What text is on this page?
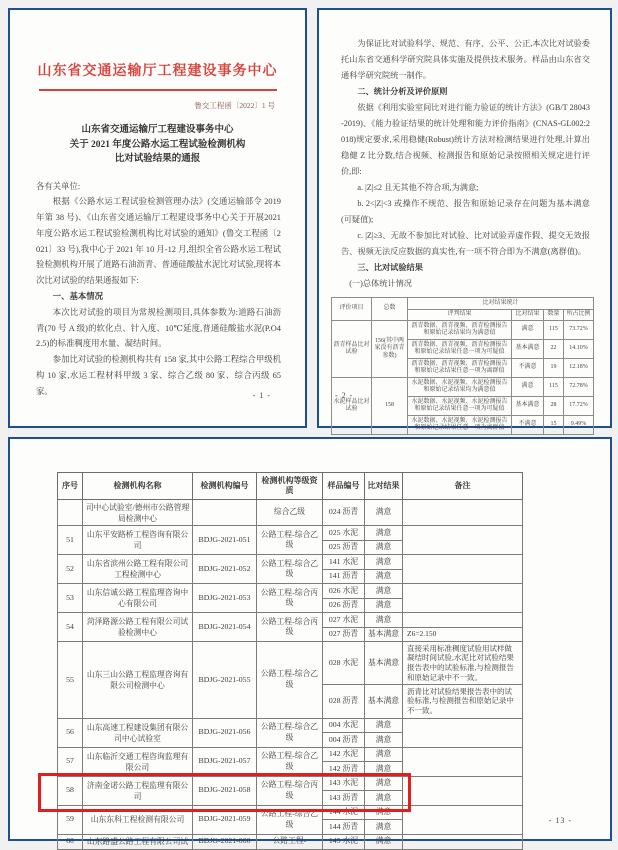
山东省交通运输厅工程建设事务中心
鲁交工程函〔2022〕1 号
山东省交通运输厅工程建设事务中心
关于 2021 年度公路水运工程试验检测机构
比对试验结果的通报
各有关单位:
根据《公路水运工程试验检测管理办法》(交通运输部令 2019 年第 38 号)、《山东省交通运输厅工程建设事务中心关于开展2021年度公路水运工程试验检测机构比对试验的通知》(鲁交工程函〔2021〕33 号),我中心于 2021 年 10 月-12 月,组织全省公路水运工程试验检测机构开展了道路石油沥青、普通硅酸盐水泥比对试验,现将本次比对试验的结果通报如下:
一、基本情况
本次比对试验的项目为常规检测项目,具体参数为:道路石油沥青(70 号 A 级)的软化点、针入度、10℃延度,普通硅酸盐水泥(P.O42.5)的标准稠度用水量、凝结时间。
参加比对试验的检测机构共有 158 家,其中公路工程综合甲级机构 10 家,水运工程材料甲级 3 家、综合乙级 80 家、综合丙级 65 家。	- 1 -
为保证比对试验科学、规范、有序、公平、公正,本次比对试验委托山东省交通科学研究院具体实施及提供技术服务。样品由山东省交通科学研究院统一制作。
二、统计分析及评价原则
依据《利用实验室间比对进行能力验证的统计方法》(GB/T 28043-2019)、《能力验证结果的统计处理和能力评价指南》(CNAS-GL002:2018)规定要求,采用稳健(Robust)统计方法对检测结果进行处理,计算出稳健 Z 比分数,结合视频、检测报告和原始记录按照相关规定进行评价,即:
a. |Z|≤2 且无其他不符合项,为满意;
b. 2<|Z|<3 或操作不规范、报告和原始记录存在问题为基本满意(可疑值);
c. |Z|≥3、无故不参加比对试验、比对试验弄虚作假、提交无效报告、视频无法反应数据的真实性,有一项不符合即为不满意(离群值)。
三、比对试验结果
(一)总体统计情况
评价项目	总数	比对结果统计			
		评判结果	比对结果	数量	所占比例
沥青样品比对试验	156(其中两家没有沥青参数)	沥青数据、沥青视频、沥青检测报告和原始记录结果均为满意值	满意	115	73.72%
		沥青数据、沥青视频、沥青检测报告和原始记录结果任意一项为可疑值	基本满意	22	14.10%
		沥青数据、沥青视频、沥青检测报告和原始记录结果任意一项为离群值	不满意	19	12.18%
水泥样品比对试验	158	水泥数据、水泥视频、水泥检测报告和原始记录结果均为满意值	满意	115	72.78%
		水泥数据、水泥视频、水泥检测报告和原始记录结果任意一项为可疑值	基本满意	28	17.72%
		水泥数据、水泥视频、水泥检测报告和原始记录结果任意一项为离群值	不满意	15	9.49%
- 2 -
序号	检测机构名称	检测机构编号	检测机构等级资质	样品编号	比对结果	备注
	司中心试验室/德州市公路管理局检测中心		综合乙级	024 沥青	满意	
51	山东平安路桥工程咨询有限公司	BDJG-2021-051	公路工程-综合乙级	025 水泥	满意	
				025 沥青	满意	
52	山东省滨州公路工程有限公司工程检测中心	BDJG-2021-052	公路工程-综合乙级	141 水泥	满意	
				141 沥青	满意	
53	山东信诚公路工程监理咨询中心有限公司	BDJG-2021-053	公路工程-综合丙级	026 水泥	满意	
				026 沥青	满意	
54	菏泽路源公路工程有限公司试验检测中心	BDJG-2021-054	公路工程-综合丙级	027 水泥	满意	
				027 沥青	基本满意	Z6=2.150
55	山东三山公路工程监理咨询有限公司检测中心	BDJG-2021-055	公路工程-综合乙级	028 水泥	基本满意	直接采用标准稠度试验用试样做凝结时间试验,水泥比对试验结果报告表中的试验标准,与检测报告和原始记录中不一致。
				028 沥青	基本满意	沥青比对试验结果报告表中的试验标准,与检测报告和原始记录中不一致。
56	山东高速工程建设集团有限公司中心试验室	BDJG-2021-056	公路工程-综合乙级	004 水泥	满意	
				004 沥青	满意	
57	山东临沂交通工程咨询监理有限公司	BDJG-2021-057	公路工程-综合乙级	142 水泥	满意	
				142 沥青	满意	
58	济南金诺公路工程监理有限公司	BDJG-2021-058	公路工程-综合丙级	143 水泥	满意	
				143 沥青	满意	
59	山东东科工程检测有限公司	BDJG-2021-059	公路工程-综合乙级	144 水泥	满意	
				144 沥青	满意	
60	山东路盛公路工程有限公司试	BDJG-2021-060	公路工程-	145 水泥	满意	
- 13 -
